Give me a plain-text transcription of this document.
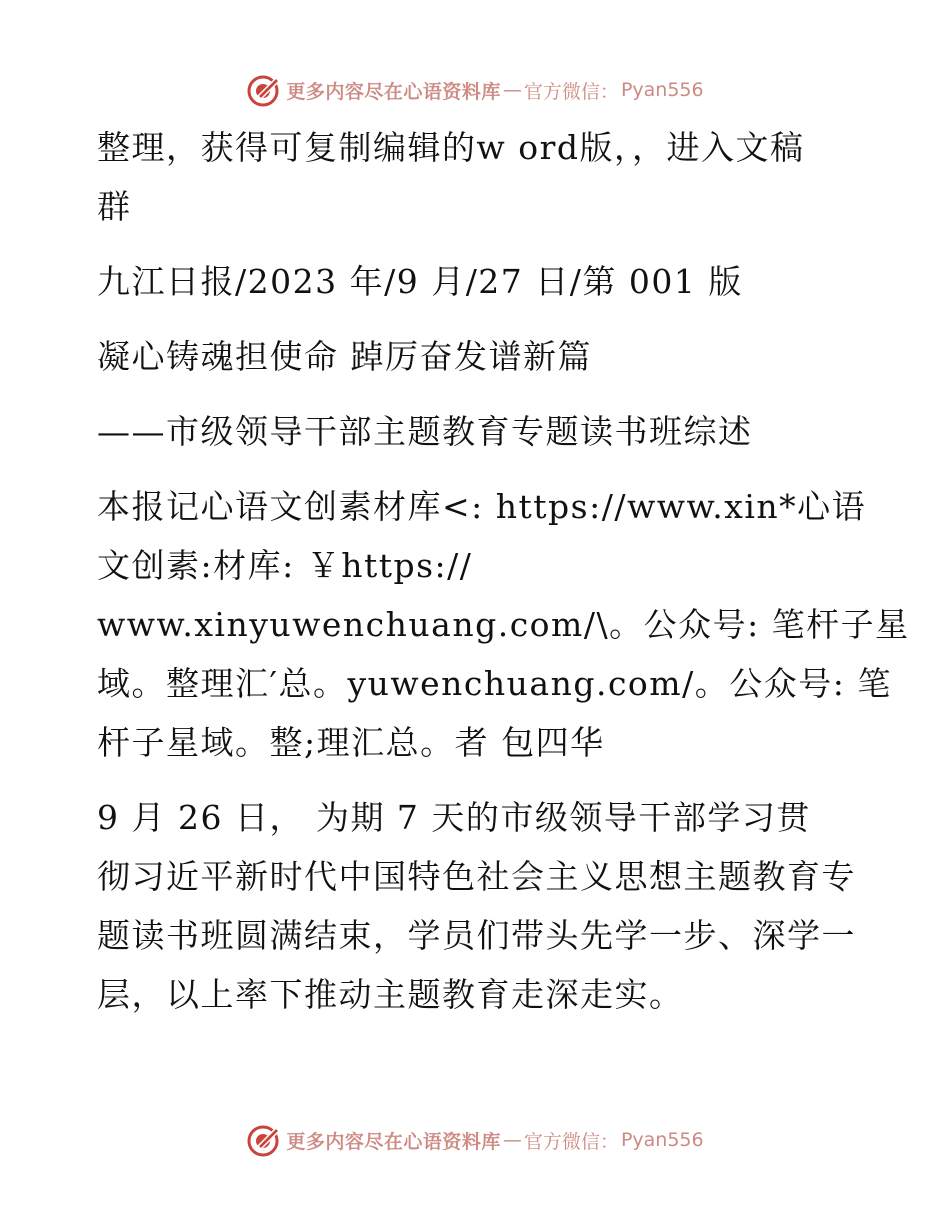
更多内容尽在心语资料库 — 官方微信： Pyan556

整理，获得可复制编辑的w ord版，，进入文稿

群

九江日报/2023 年/9 月/27 日/第 001 版

凝心铸魂担使命 踔厉奋发谱新篇

——市级领导干部主题教育专题读书班综述

本报记心语文创素材库<: https://www.xin*心语

文创素:材库: ￥https://

www.xinyuwenchuang.com/\。公众号: 笔杆子星

域。整理汇′总。yuwenchuang.com/。公众号: 笔

杆子星域。整;理汇总。者 包四华

9 月 26 日， 为期 7 天的市级领导干部学习贯

彻习近平新时代中国特色社会主义思想主题教育专

题读书班圆满结束，学员们带头先学一步、深学一

层，以上率下推动主题教育走深走实。

更多内容尽在心语资料库 — 官方微信： Pyan556
